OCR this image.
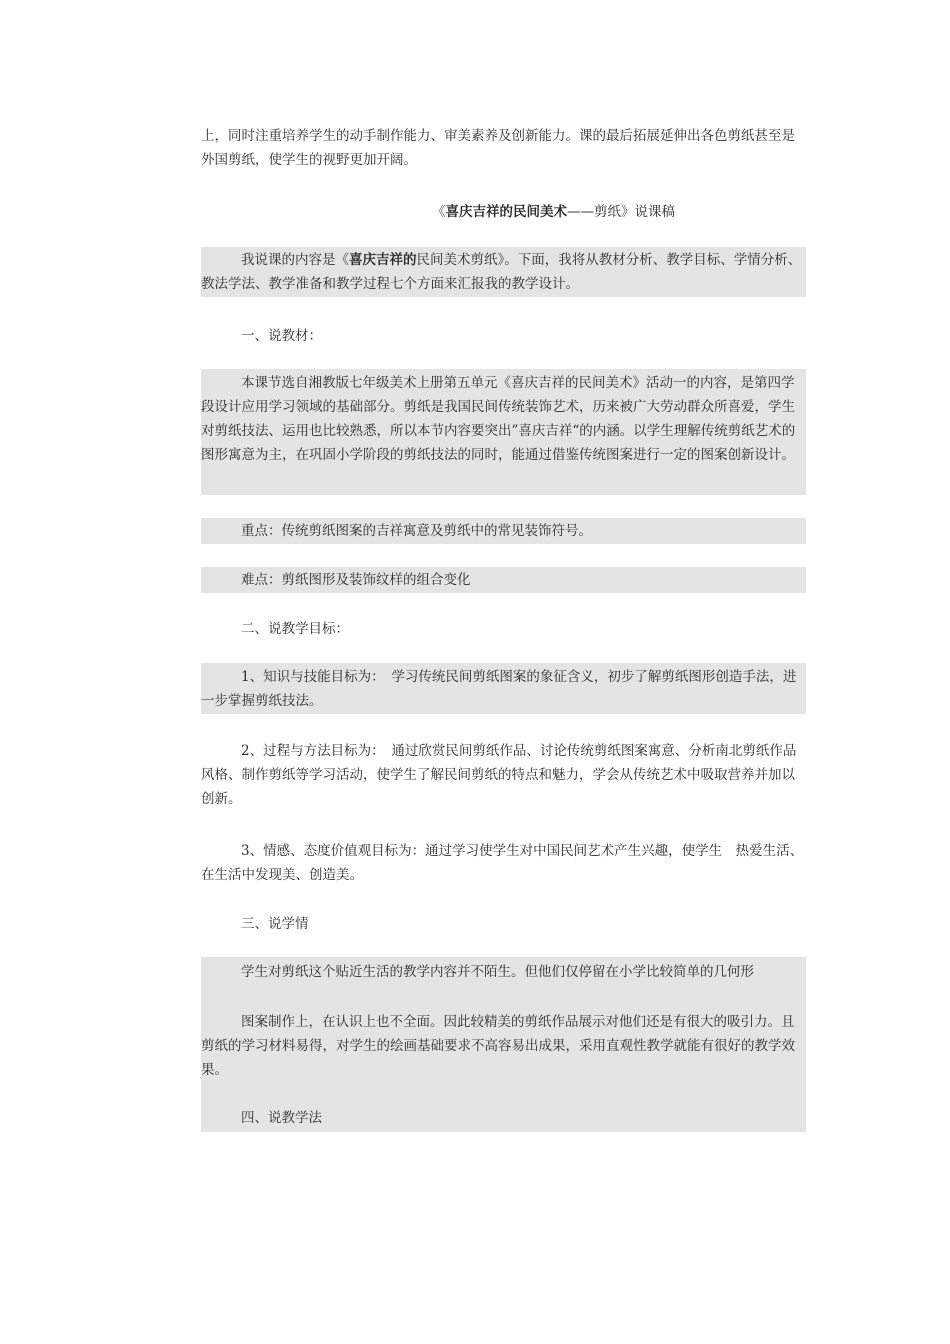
上，同时注重培养学生的动手制作能力、审美素养及创新能力。课的最后拓展延伸出各色剪纸甚至是外国剪纸，使学生的视野更加开阔。

《喜庆吉祥的民间美术——剪纸》说课稿

我说课的内容是《喜庆吉祥的民间美术剪纸》。下面，我将从教材分析、教学目标、学情分析、教法学法、教学准备和教学过程七个方面来汇报我的教学设计。

一、说教材：

本课节选自湘教版七年级美术上册第五单元《喜庆吉祥的民间美术》活动一的内容，是第四学段设计应用学习领域的基础部分。剪纸是我国民间传统装饰艺术，历来被广大劳动群众所喜爱，学生对剪纸技法、运用也比较熟悉，所以本节内容要突出”喜庆吉祥“的内涵。以学生理解传统剪纸艺术的图形寓意为主，在巩固小学阶段的剪纸技法的同时，能通过借鉴传统图案进行一定的图案创新设计。

重点：传统剪纸图案的吉祥寓意及剪纸中的常见装饰符号。

难点：剪纸图形及装饰纹样的组合变化

二、说教学目标：

1、知识与技能目标为：　学习传统民间剪纸图案的象征含义，初步了解剪纸图形创造手法，进一步掌握剪纸技法。

2、过程与方法目标为：　通过欣赏民间剪纸作品、讨论传统剪纸图案寓意、分析南北剪纸作品风格、制作剪纸等学习活动，使学生了解民间剪纸的特点和魅力，学会从传统艺术中吸取营养并加以创新。

3、情感、态度价值观目标为：通过学习使学生对中国民间艺术产生兴趣，使学生　热爱生活、在生活中发现美、创造美。

三、说学情

学生对剪纸这个贴近生活的教学内容并不陌生。但他们仅停留在小学比较简单的几何形

图案制作上，在认识上也不全面。因此较精美的剪纸作品展示对他们还是有很大的吸引力。且剪纸的学习材料易得，对学生的绘画基础要求不高容易出成果，采用直观性教学就能有很好的教学效果。

四、说教学法
